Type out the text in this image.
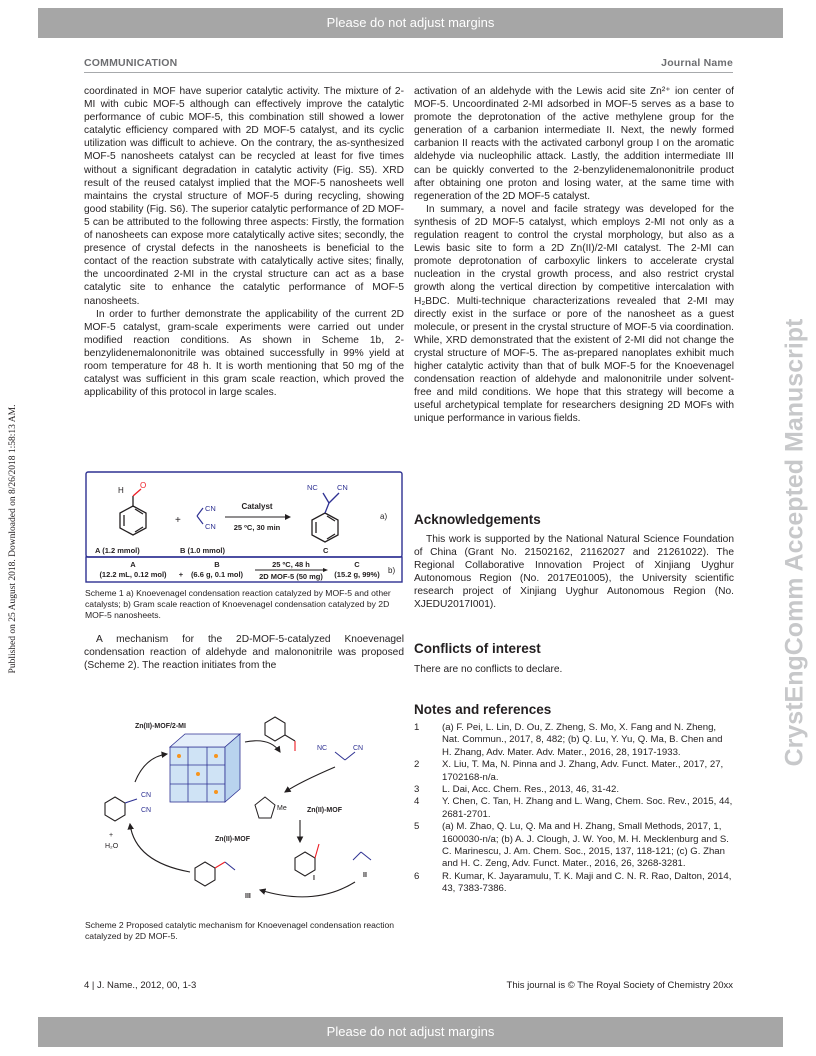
Please do not adjust margins
COMMUNICATION	Journal Name
Published on 25 August 2018. Downloaded on 8/26/2018 1:58:13 AM.	CrystEngComm Accepted Manuscript

coordinated in MOF have superior catalytic activity. The mixture of 2-MI with cubic MOF-5 although can effectively improve the catalytic performance of cubic MOF-5, this combination still showed a lower catalytic efficiency compared with 2D MOF-5 catalyst, and its cyclic utilization was difficult to achieve. On the contrary, the as-synthesized MOF-5 nanosheets catalyst can be recycled at least for five times without a significant degradation in catalytic activity (Fig. S5). XRD result of the reused catalyst implied that the MOF-5 nanosheets well maintains the crystal structure of MOF-5 during recycling, showing good stability (Fig. S6). The superior catalytic performance of 2D MOF-5 can be attributed to the following three aspects: Firstly, the formation of nanosheets can expose more catalytically active sites; secondly, the presence of crystal defects in the nanosheets is beneficial to the contact of the reaction substrate with catalytically active sites; finally, the uncoordinated 2-MI in the crystal structure can act as a base catalytic site to enhance the catalytic performance of MOF-5 nanosheets.

In order to further demonstrate the applicability of the current 2D MOF-5 catalyst, gram-scale experiments were carried out under modified reaction conditions. As shown in Scheme 1b, 2-benzylidenemalononitrile was obtained successfully in 99% yield at room temperature for 48 h. It is worth mentioning that 50 mg of the catalyst was sufficient in this gram scale reaction, which proved the applicability of this protocol in large scales.

H
O
+
CN
CN
Catalyst
25 ºC, 30 min
NC	CN
a)
A (1.2 mmol)	B (1.0 mmol)	C
A
(12.2 mL, 0.12 mol) +
B
(6.6 g, 0.1 mol)
25 ºC, 48 h
2D MOF-5 (50 mg)
C
(15.2 g, 99%) b)
Scheme 1 a) Knoevenagel condensation reaction catalyzed by MOF-5 and other catalysts; b) Gram scale reaction of Knoevenagel condensation catalyzed by 2D MOF-5 nanosheets.

A mechanism for the 2D-MOF-5-catalyzed Knoevenagel condensation reaction of aldehyde and malononitrile was proposed (Scheme 2). The reaction initiates from the

Zn(II)-MOF/2-MI
NC	CN
Me	Zn(II)-MOF
Zn(II)-MOF
CN
CN
+
H₂O
I	II
III
Scheme 2 Proposed catalytic mechanism for Knoevenagel condensation reaction catalyzed by 2D MOF-5.

activation of an aldehyde with the Lewis acid site Zn²⁺ ion center of MOF-5. Uncoordinated 2-MI adsorbed in MOF-5 serves as a base to promote the deprotonation of the active methylene group for the generation of a carbanion intermediate II. Next, the newly formed carbanion II reacts with the activated carbonyl group I on the aromatic aldehyde via nucleophilic attack. Lastly, the addition intermediate III can be quickly converted to the 2-benzylidenemalononitrile product after obtaining one proton and losing water, at the same time with regeneration of the 2D MOF-5 catalyst.

In summary, a novel and facile strategy was developed for the synthesis of 2D MOF-5 catalyst, which employs 2-MI not only as a regulation reagent to control the crystal morphology, but also as a Lewis basic site to form a 2D Zn(II)/2-MI catalyst. The 2-MI can promote deprotonation of carboxylic linkers to accelerate crystal nucleation in the crystal growth process, and also restrict crystal growth along the vertical direction by competitive intercalation with H₂BDC. Multi-technique characterizations revealed that 2-MI may directly exist in the surface or pore of the nanosheet as a guest molecule, or present in the crystal structure of MOF-5 via coordination. While, XRD demonstrated that the existent of 2-MI did not change the crystal structure of MOF-5. The as-prepared nanoplates exhibit much higher catalytic activity than that of bulk MOF-5 for the Knoevenagel condensation reaction of aldehyde and malononitrile under solvent-free and mild conditions. We hope that this strategy will become a useful archetypical template for researchers designing 2D MOFs with unique performance in various fields.

Acknowledgements

This work is supported by the National Natural Science Foundation of China (Grant No. 21502162, 21162027 and 21261022). The Regional Collaborative Innovation Project of Xinjiang Uyghur Autonomous Region (No. 2017E01005), the University scientific research project of Xinjiang Uyghur Autonomous Region (No. XJEDU2017I001).

Conflicts of interest

There are no conflicts to declare.

Notes and references
1 (a) F. Pei, L. Lin, D. Ou, Z. Zheng, S. Mo, X. Fang and N. Zheng, Nat. Commun., 2017, 8, 482; (b) Q. Lu, Y. Yu, Q. Ma, B. Chen and H. Zhang, Adv. Mater. Adv. Mater., 2016, 28, 1917-1933.
2 X. Liu, T. Ma, N. Pinna and J. Zhang, Adv. Funct. Mater., 2017, 27, 1702168-n/a.
3 L. Dai, Acc. Chem. Res., 2013, 46, 31-42.
4 Y. Chen, C. Tan, H. Zhang and L. Wang, Chem. Soc. Rev., 2015, 44, 2681-2701.
5 (a) M. Zhao, Q. Lu, Q. Ma and H. Zhang, Small Methods, 2017, 1, 1600030-n/a; (b) A. J. Clough, J. W. Yoo, M. H. Mecklenburg and S. C. Marinescu, J. Am. Chem. Soc., 2015, 137, 118-121; (c) G. Zhan and H. C. Zeng, Adv. Funct. Mater., 2016, 26, 3268-3281.
6 R. Kumar, K. Jayaramulu, T. K. Maji and C. N. R. Rao, Dalton, 2014, 43, 7383-7386.
4 | J. Name., 2012, 00, 1-3	This journal is © The Royal Society of Chemistry 20xx
Please do not adjust margins
